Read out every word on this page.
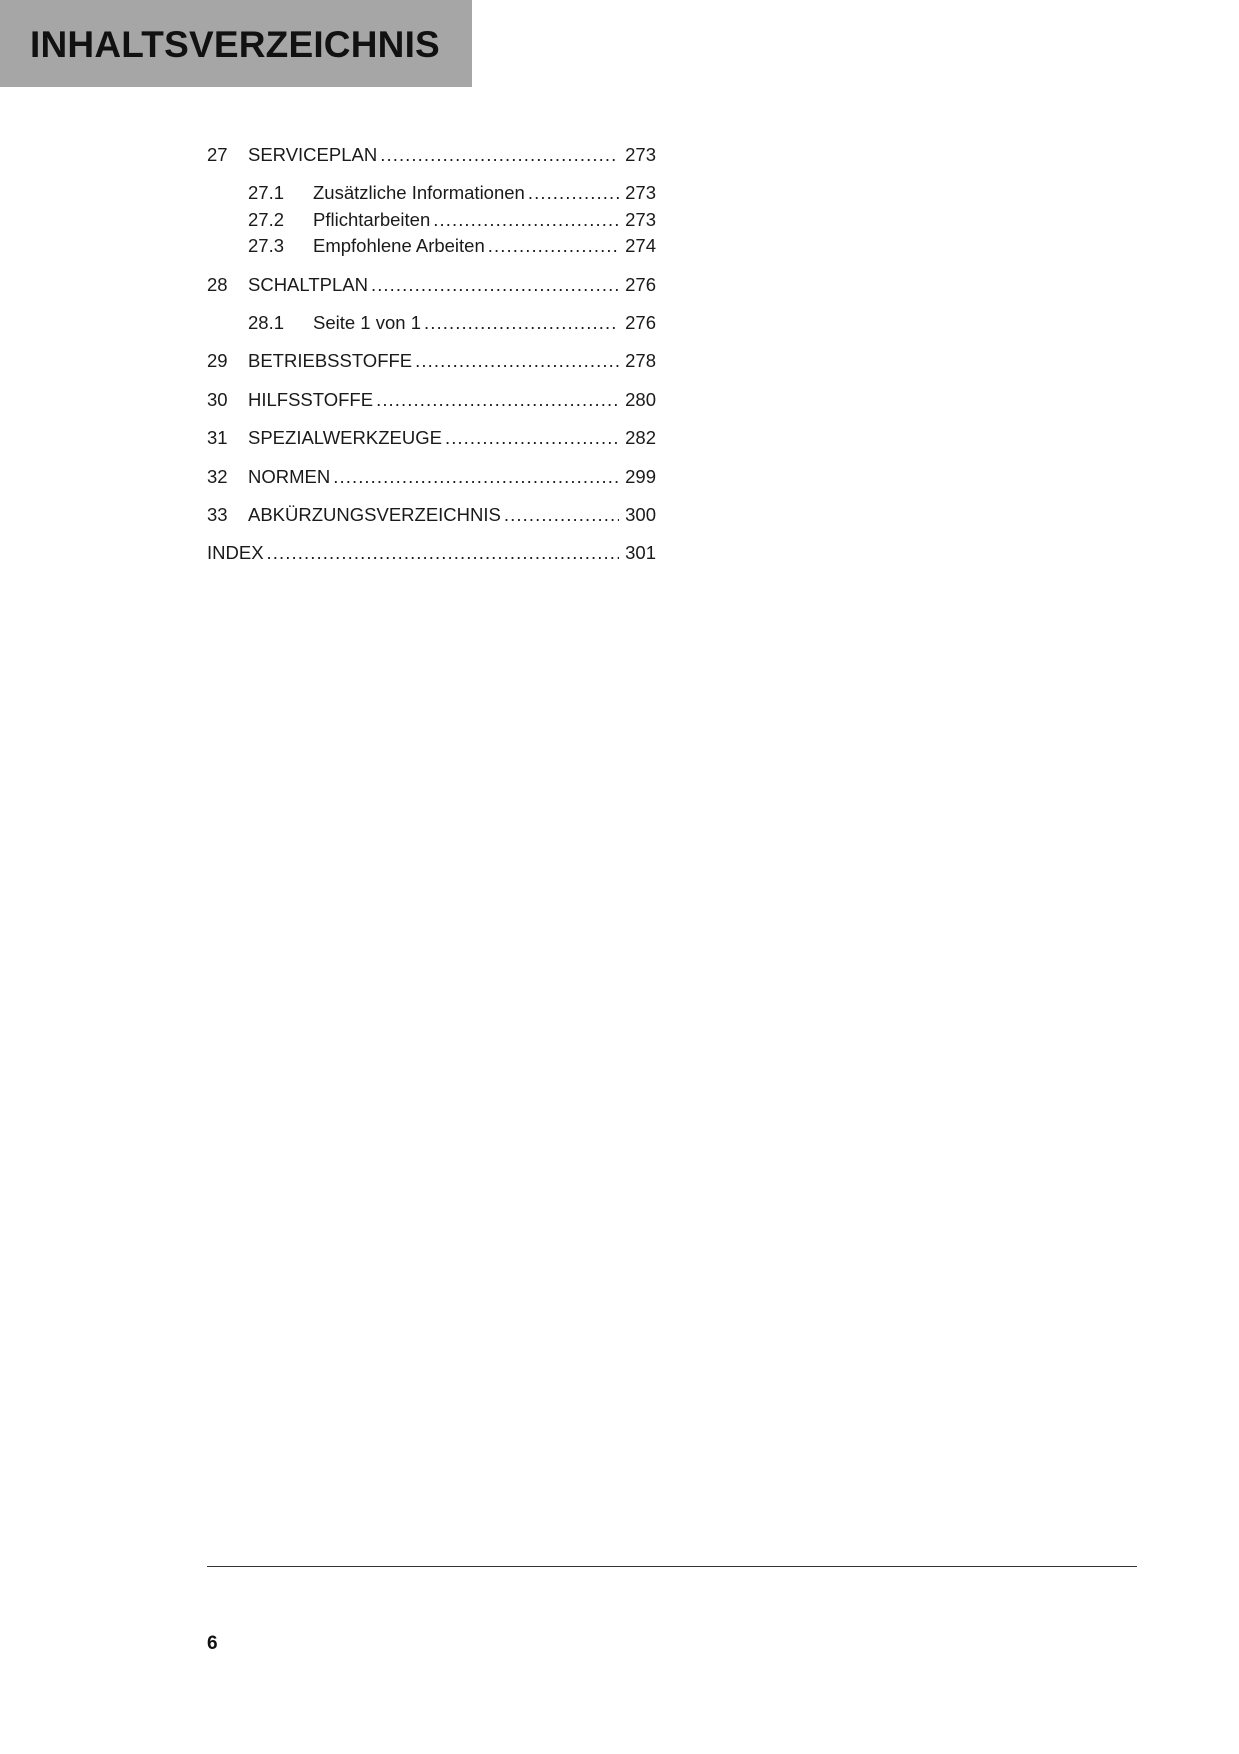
INHALTSVERZEICHNIS
27	SERVICEPLAN .....	273
27.1	Zusätzliche Informationen .....	273
27.2	Pflichtarbeiten .....	273
27.3	Empfohlene Arbeiten .....	274
28	SCHALTPLAN .....	276
28.1	Seite 1 von 1 .....	276
29	BETRIEBSSTOFFE .....	278
30	HILFSSTOFFE .....	280
31	SPEZIALWERKZEUGE .....	282
32	NORMEN .....	299
33	ABKÜRZUNGSVERZEICHNIS .....	300
INDEX .....	301
6
